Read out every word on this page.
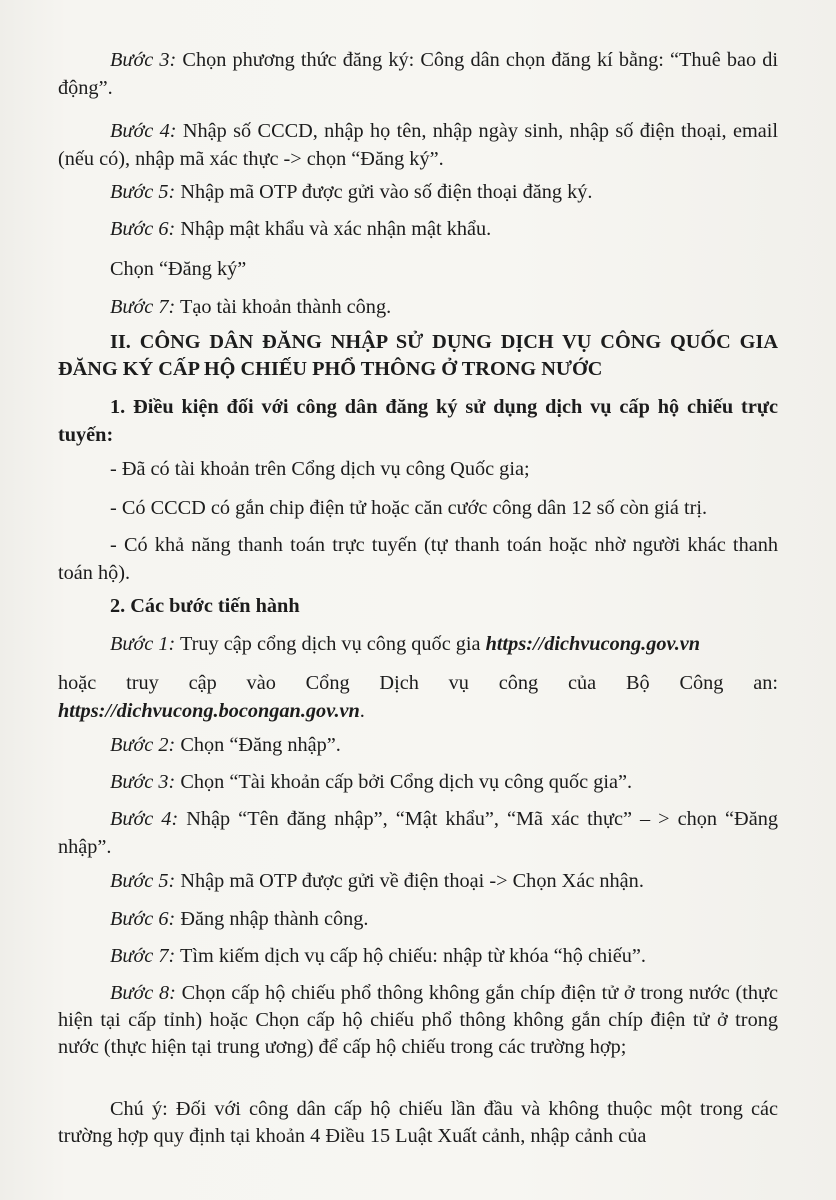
Bước 3: Chọn phương thức đăng ký: Công dân chọn đăng kí bằng: “Thuê bao di động”.

Bước 4: Nhập số CCCD, nhập họ tên, nhập ngày sinh, nhập số điện thoại, email (nếu có), nhập mã xác thực -> chọn “Đăng ký”.

Bước 5: Nhập mã OTP được gửi vào số điện thoại đăng ký.

Bước 6: Nhập mật khẩu và xác nhận mật khẩu.

Chọn “Đăng ký”

Bước 7: Tạo tài khoản thành công.

II. CÔNG DÂN ĐĂNG NHẬP SỬ DỤNG DỊCH VỤ CÔNG QUỐC GIA ĐĂNG KÝ CẤP HỘ CHIẾU PHỔ THÔNG Ở TRONG NƯỚC

1. Điều kiện đối với công dân đăng ký sử dụng dịch vụ cấp hộ chiếu trực tuyến:

- Đã có tài khoản trên Cổng dịch vụ công Quốc gia;

- Có CCCD có gắn chip điện tử hoặc căn cước công dân 12 số còn giá trị.

- Có khả năng thanh toán trực tuyến (tự thanh toán hoặc nhờ người khác thanh toán hộ).

2. Các bước tiến hành

Bước 1: Truy cập cổng dịch vụ công quốc gia https://dichvucong.gov.vn

hoặc truy cập vào Cổng Dịch vụ công của Bộ Công an: https://dichvucong.bocongan.gov.vn.

Bước 2: Chọn “Đăng nhập”.

Bước 3: Chọn “Tài khoản cấp bởi Cổng dịch vụ công quốc gia”.

Bước 4: Nhập “Tên đăng nhập”, “Mật khẩu”, “Mã xác thực” – > chọn “Đăng nhập”.

Bước 5: Nhập mã OTP được gửi về điện thoại -> Chọn Xác nhận.

Bước 6: Đăng nhập thành công.

Bước 7: Tìm kiếm dịch vụ cấp hộ chiếu: nhập từ khóa “hộ chiếu”.

Bước 8: Chọn cấp hộ chiếu phổ thông không gắn chíp điện tử ở trong nước (thực hiện tại cấp tỉnh) hoặc Chọn cấp hộ chiếu phổ thông không gắn chíp điện tử ở trong nước (thực hiện tại trung ương) để cấp hộ chiếu trong các trường hợp;

Chú ý: Đối với công dân cấp hộ chiếu lần đầu và không thuộc một trong các trường hợp quy định tại khoản 4 Điều 15 Luật Xuất cảnh, nhập cảnh của
